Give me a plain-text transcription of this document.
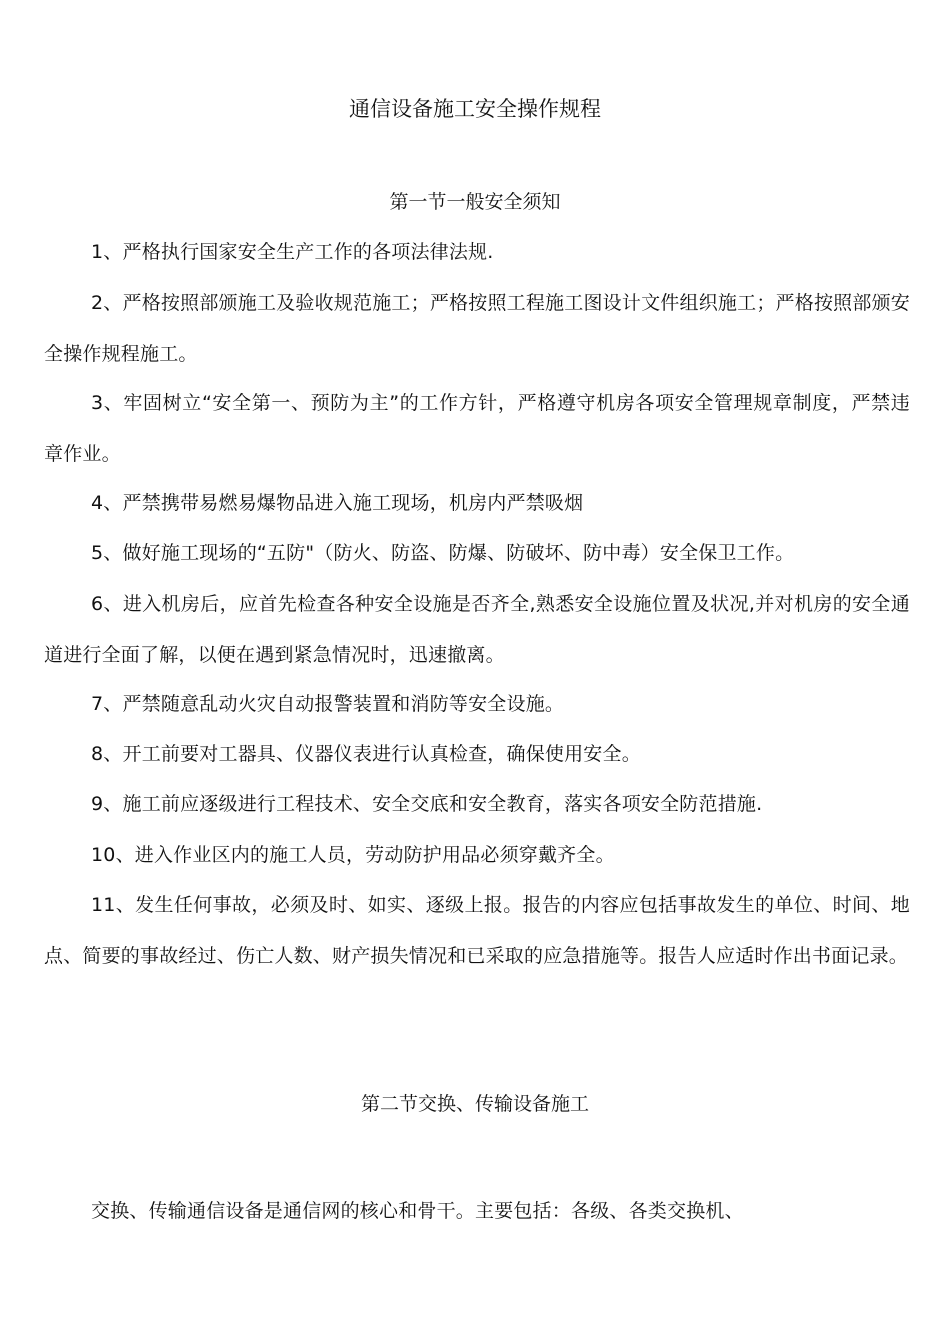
通信设备施工安全操作规程
第一节一般安全须知

1、严格执行国家安全生产工作的各项法律法规.

2、严格按照部颁施工及验收规范施工；严格按照工程施工图设计文件组织施工；严格按照部颁安全操作规程施工。

3、牢固树立“安全第一、预防为主”的工作方针，严格遵守机房各项安全管理规章制度，严禁违章作业。

4、严禁携带易燃易爆物品进入施工现场，机房内严禁吸烟

5、做好施工现场的“五防"（防火、防盗、防爆、防破坏、防中毒）安全保卫工作。

6、进入机房后，应首先检查各种安全设施是否齐全,熟悉安全设施位置及状况,并对机房的安全通道进行全面了解，以便在遇到紧急情况时，迅速撤离。

7、严禁随意乱动火灾自动报警装置和消防等安全设施。

8、开工前要对工器具、仪器仪表进行认真检查，确保使用安全。

9、施工前应逐级进行工程技术、安全交底和安全教育，落实各项安全防范措施.

10、进入作业区内的施工人员，劳动防护用品必须穿戴齐全。

11、发生任何事故，必须及时、如实、逐级上报。报告的内容应包括事故发生的单位、时间、地点、简要的事故经过、伤亡人数、财产损失情况和已采取的应急措施等。报告人应适时作出书面记录。

第二节交换、传输设备施工

交换、传输通信设备是通信网的核心和骨干。主要包括：各级、各类交换机、
